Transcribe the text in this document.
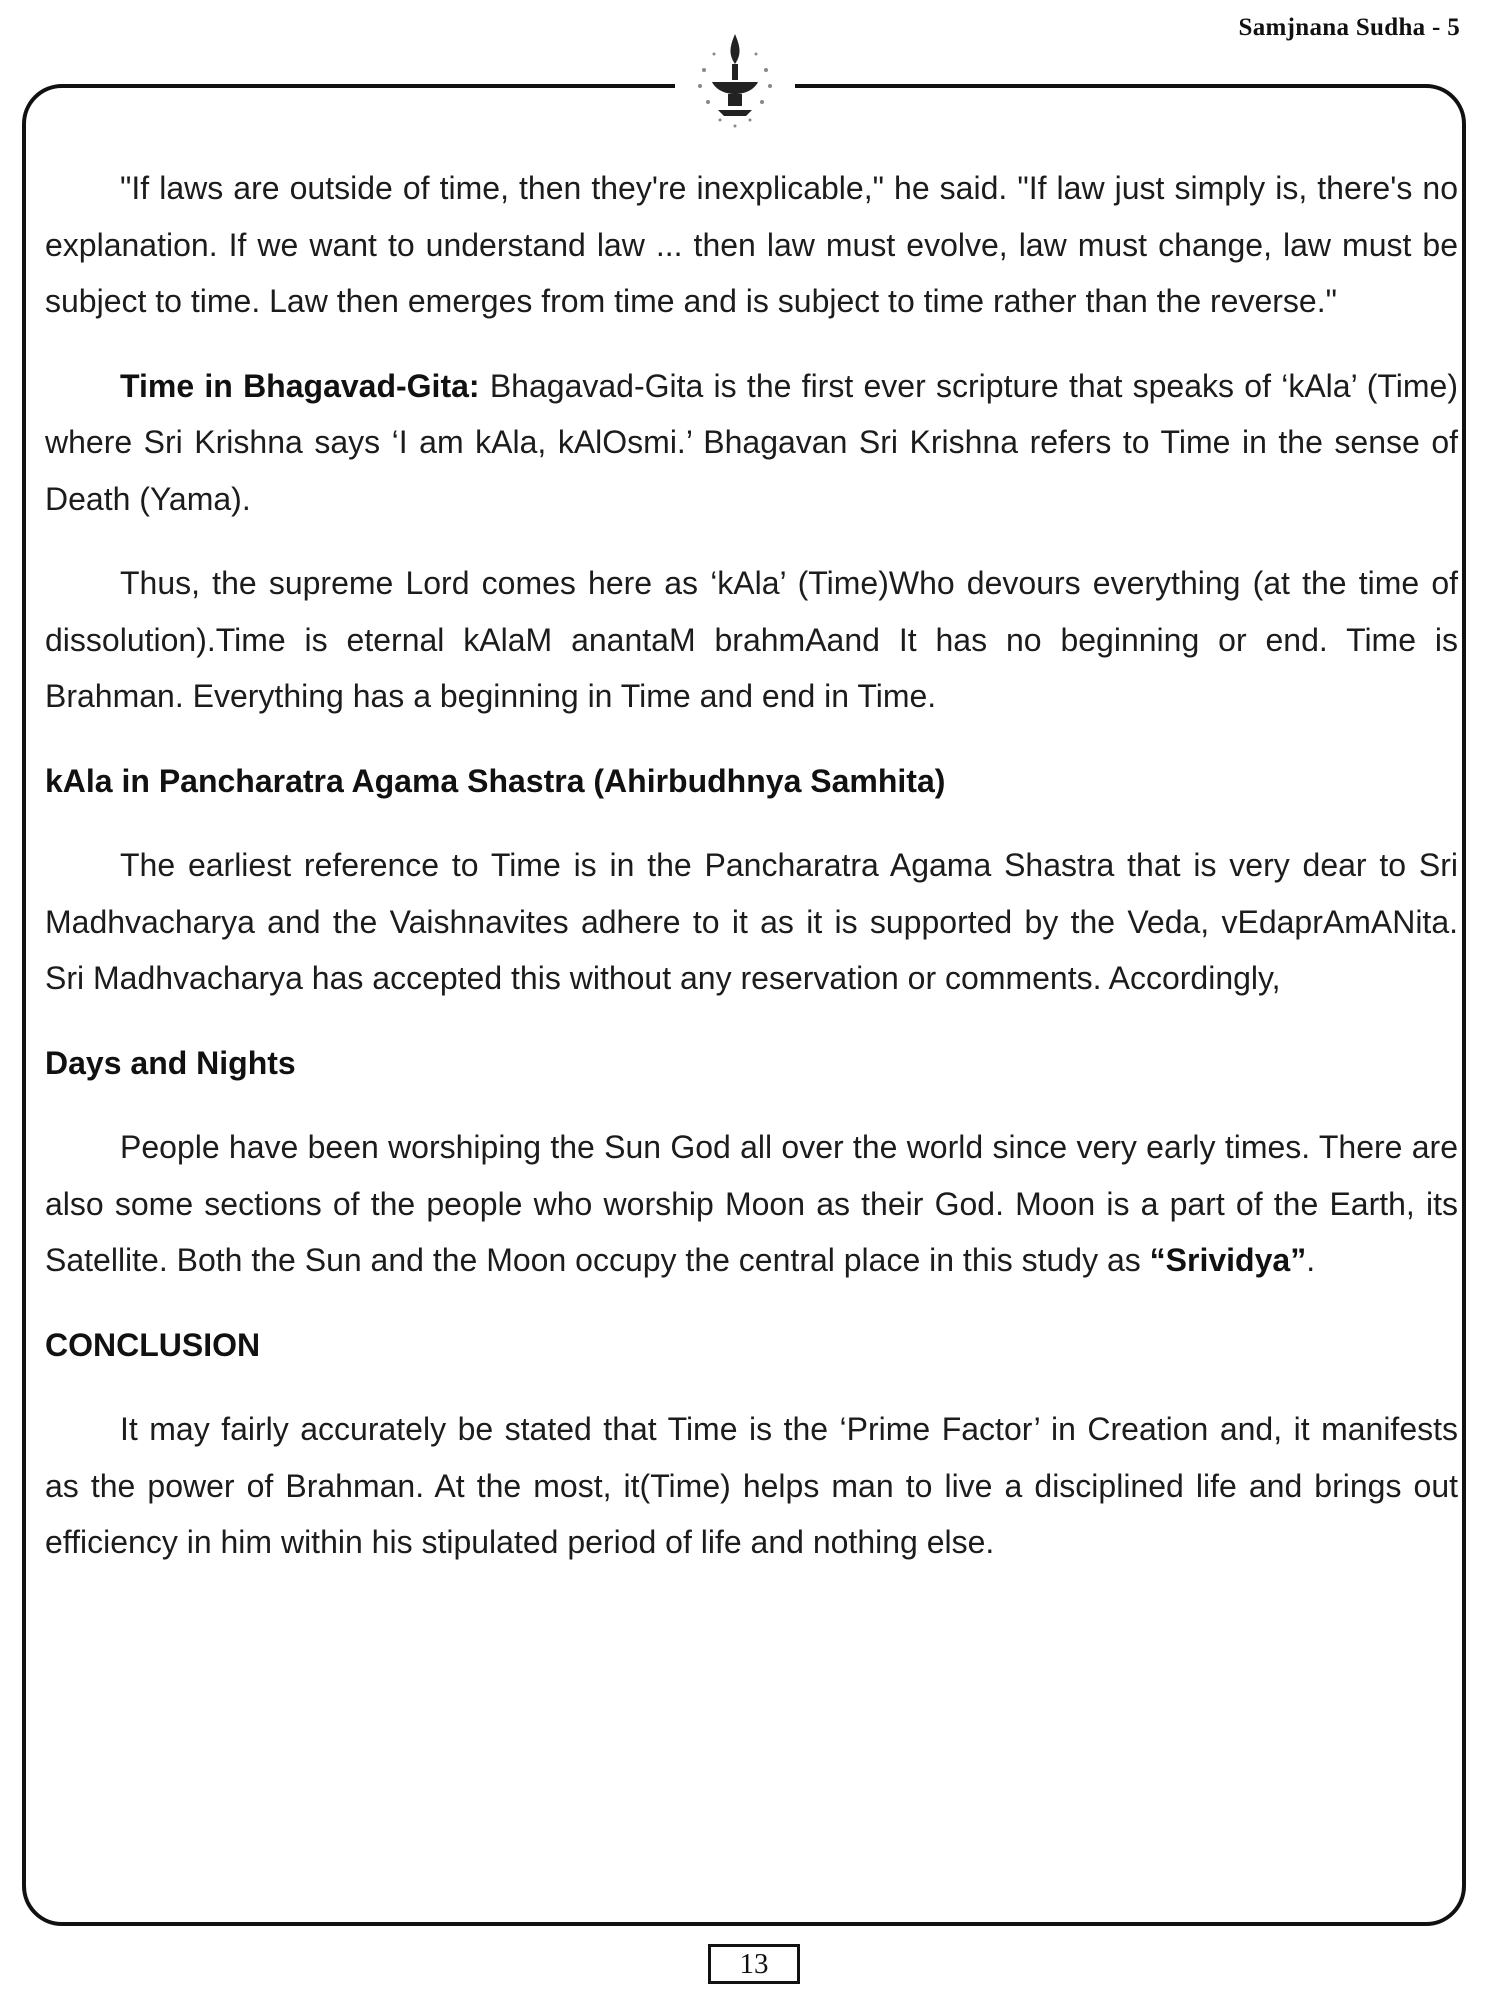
Samjnana Sudha - 5

"If laws are outside of time, then they're inexplicable," he said. "If law just simply is, there's no explanation. If we want to understand law ... then law must evolve, law must change, law must be subject to time. Law then emerges from time and is subject to time rather than the reverse."

Time in Bhagavad-Gita: Bhagavad-Gita is the first ever scripture that speaks of ‘kAla’ (Time) where Sri Krishna says ‘I am kAla, kAlOsmi.’ Bhagavan Sri Krishna refers to Time in the sense of Death (Yama).

Thus, the supreme Lord comes here as ‘kAla’ (Time)Who devours everything (at the time of dissolution).Time is eternal kAlaM anantaM brahmAand It has no beginning or end. Time is Brahman. Everything has a beginning in Time and end in Time.

kAla in Pancharatra Agama Shastra (Ahirbudhnya Samhita)

The earliest reference to Time is in the Pancharatra Agama Shastra that is very dear to Sri Madhvacharya and the Vaishnavites adhere to it as it is supported by the Veda, vEdaprAmANita. Sri Madhvacharya has accepted this without any reservation or comments. Accordingly,

Days and Nights

People have been worshiping the Sun God all over the world since very early times. There are also some sections of the people who worship Moon as their God. Moon is a part of the Earth, its Satellite. Both the Sun and the Moon occupy the central place in this study as “Srividya”.

CONCLUSION

It may fairly accurately be stated that Time is the ‘Prime Factor’ in Creation and, it manifests as the power of Brahman. At the most, it(Time) helps man to live a disciplined life and brings out efficiency in him within his stipulated period of life and nothing else.

13
